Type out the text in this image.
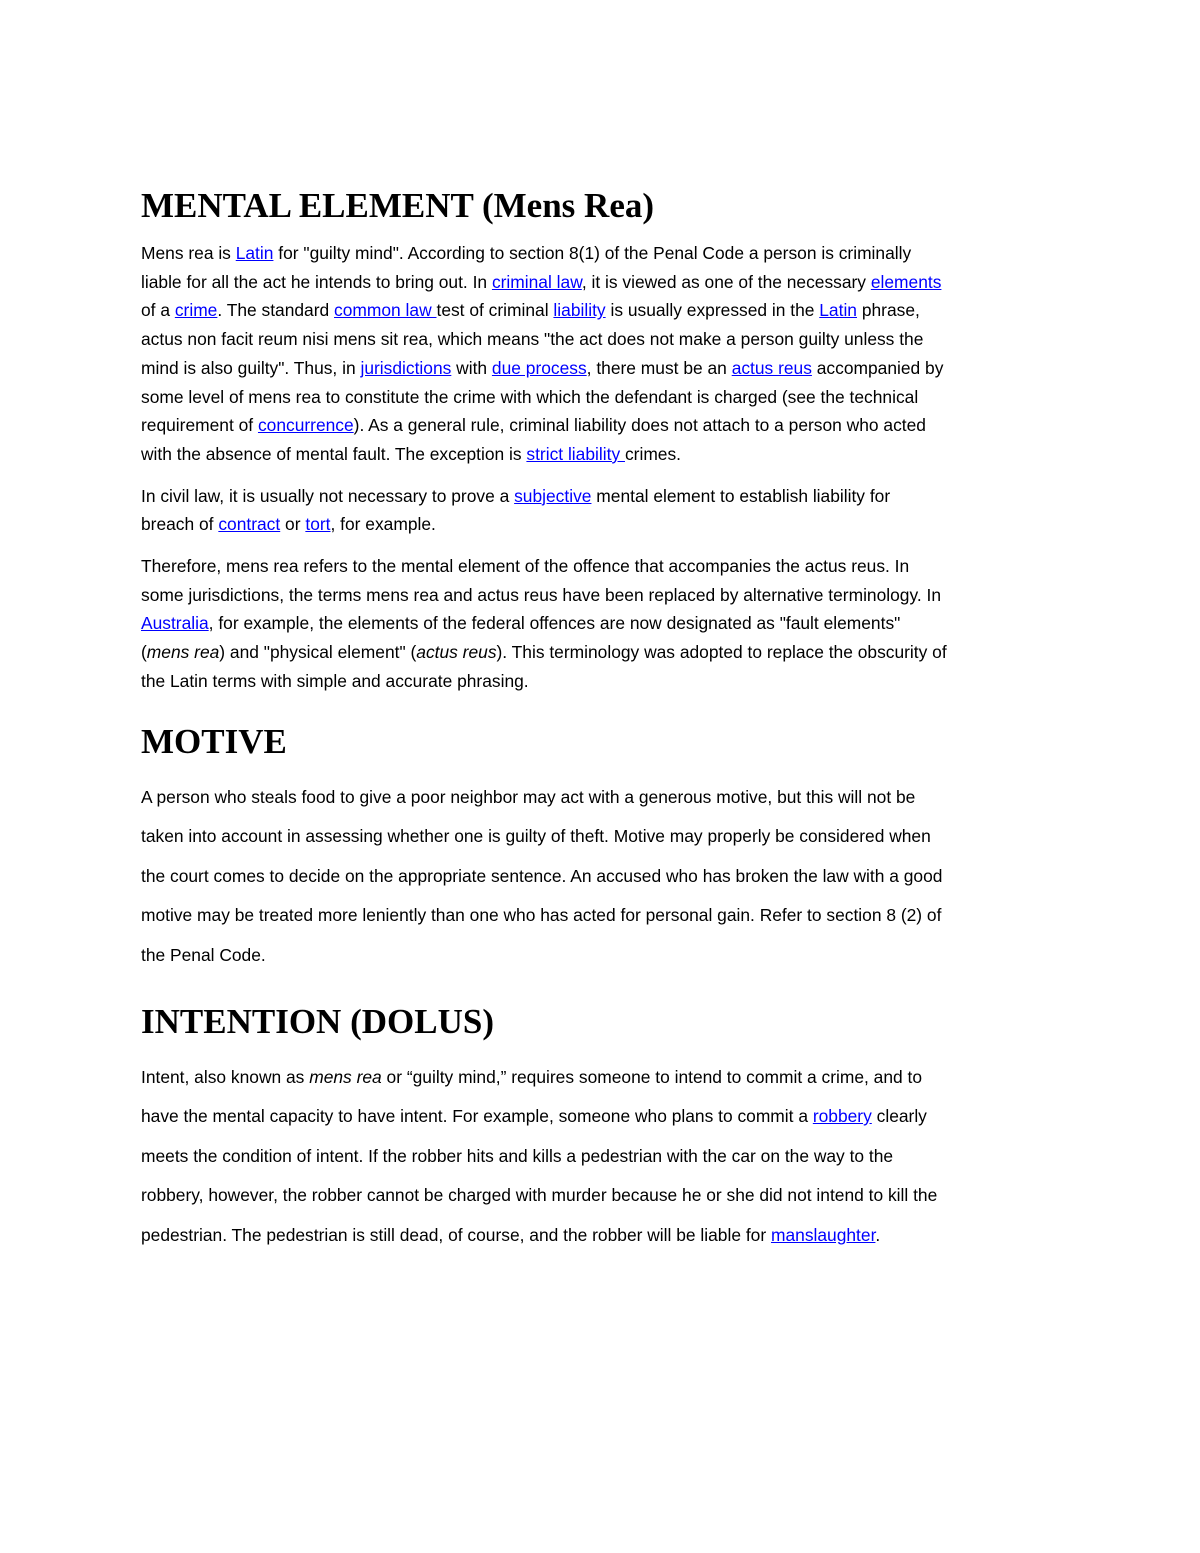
MENTAL ELEMENT (Mens Rea)

Mens rea is Latin for "guilty mind". According to section 8(1) of the Penal Code a person is criminally
liable for all the act he intends to bring out. In criminal law, it is viewed as one of the necessary elements
of a crime. The standard common law test of criminal liability is usually expressed in the Latin phrase,
actus non facit reum nisi mens sit rea, which means "the act does not make a person guilty unless the
mind is also guilty". Thus, in jurisdictions with due process, there must be an actus reus accompanied by
some level of mens rea to constitute the crime with which the defendant is charged (see the technical
requirement of concurrence). As a general rule, criminal liability does not attach to a person who acted
with the absence of mental fault. The exception is strict liability crimes.

In civil law, it is usually not necessary to prove a subjective mental element to establish liability for
breach of contract or tort, for example.

Therefore, mens rea refers to the mental element of the offence that accompanies the actus reus. In
some jurisdictions, the terms mens rea and actus reus have been replaced by alternative terminology. In
Australia, for example, the elements of the federal offences are now designated as "fault elements"
(mens rea) and "physical element" (actus reus). This terminology was adopted to replace the obscurity of
the Latin terms with simple and accurate phrasing.

MOTIVE

A person who steals food to give a poor neighbor may act with a generous motive, but this will not be
taken into account in assessing whether one is guilty of theft. Motive may properly be considered when
the court comes to decide on the appropriate sentence. An accused who has broken the law with a good
motive may be treated more leniently than one who has acted for personal gain. Refer to section 8 (2) of
the Penal Code.

INTENTION (DOLUS)

Intent, also known as mens rea or “guilty mind,” requires someone to intend to commit a crime, and to
have the mental capacity to have intent. For example, someone who plans to commit a robbery clearly
meets the condition of intent. If the robber hits and kills a pedestrian with the car on the way to the
robbery, however, the robber cannot be charged with murder because he or she did not intend to kill the
pedestrian. The pedestrian is still dead, of course, and the robber will be liable for manslaughter.
